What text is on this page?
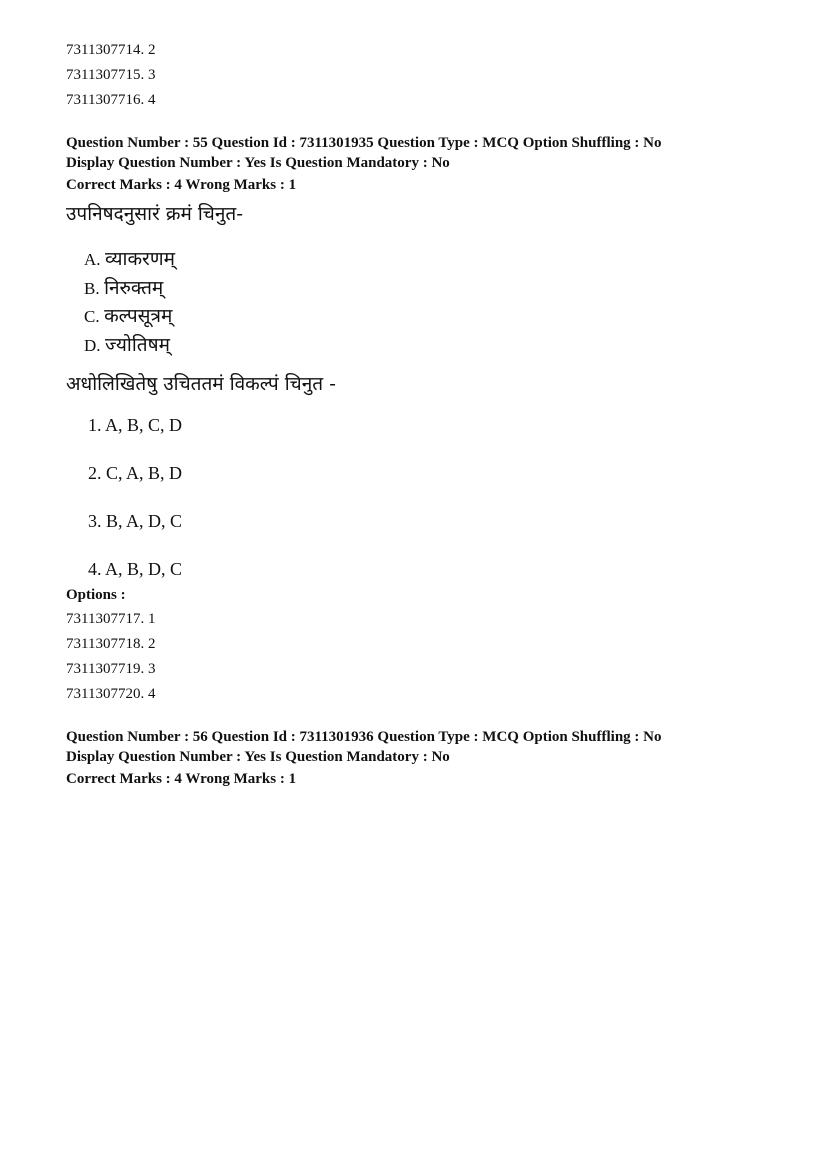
7311307714. 2
7311307715. 3
7311307716. 4
Question Number : 55 Question Id : 7311301935 Question Type : MCQ Option Shuffling : No
Display Question Number : Yes Is Question Mandatory : No
Correct Marks : 4 Wrong Marks : 1
उपनिषदनुसारं क्रमं चिनुत-
A. व्याकरणम्
B. निरुक्तम्
C. कल्पसूत्रम्
D. ज्योतिषम्
अधोलिखितेषु उचिततमं विकल्पं चिनुत -
1. A, B, C, D
2. C, A, B, D
3. B, A, D, C
4. A, B, D, C
Options :
7311307717. 1
7311307718. 2
7311307719. 3
7311307720. 4
Question Number : 56 Question Id : 7311301936 Question Type : MCQ Option Shuffling : No
Display Question Number : Yes Is Question Mandatory : No
Correct Marks : 4 Wrong Marks : 1
